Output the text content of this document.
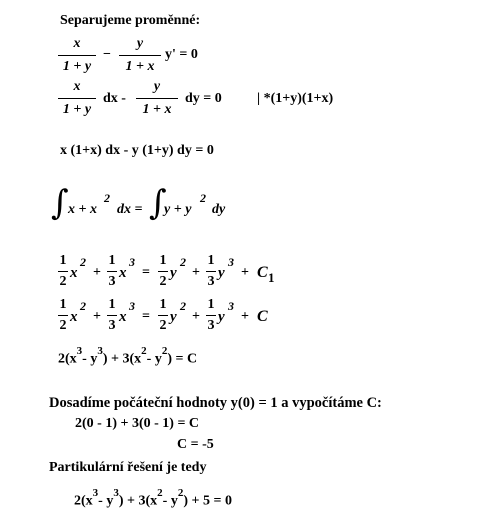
Separujeme proměnné:
x
1 + y
−
y
1 + x
y' = 0
x
1 + y
dx -
y
1 + x
dy = 0	| *(1+y)(1+x)
x (1+x) dx - y (1+y) dy = 0
∫ x + x
2
dx = ∫
y + y
2
dy
1
2
x
2
+
1
3
x
3
=
1
2
y
2
+
1
3
y
3
+ C 1
1
2
x
2
+
1
3
x
3
=
1
2
y
2
+
1
3
y
3
+ C
$2(x^3-$ $y^3) + 3(x^2-$ $y^2) = C$
Dosadíme počáteční hodnoty y(0) = 1 a vypočítáme C:
2(0 - 1) + 3(0 - 1) = C
C = -5
Partikulární řešení je tedy
$2(x^3-$ $y^3) + 3(x^2-$ $y^2) + 5 = 0$
